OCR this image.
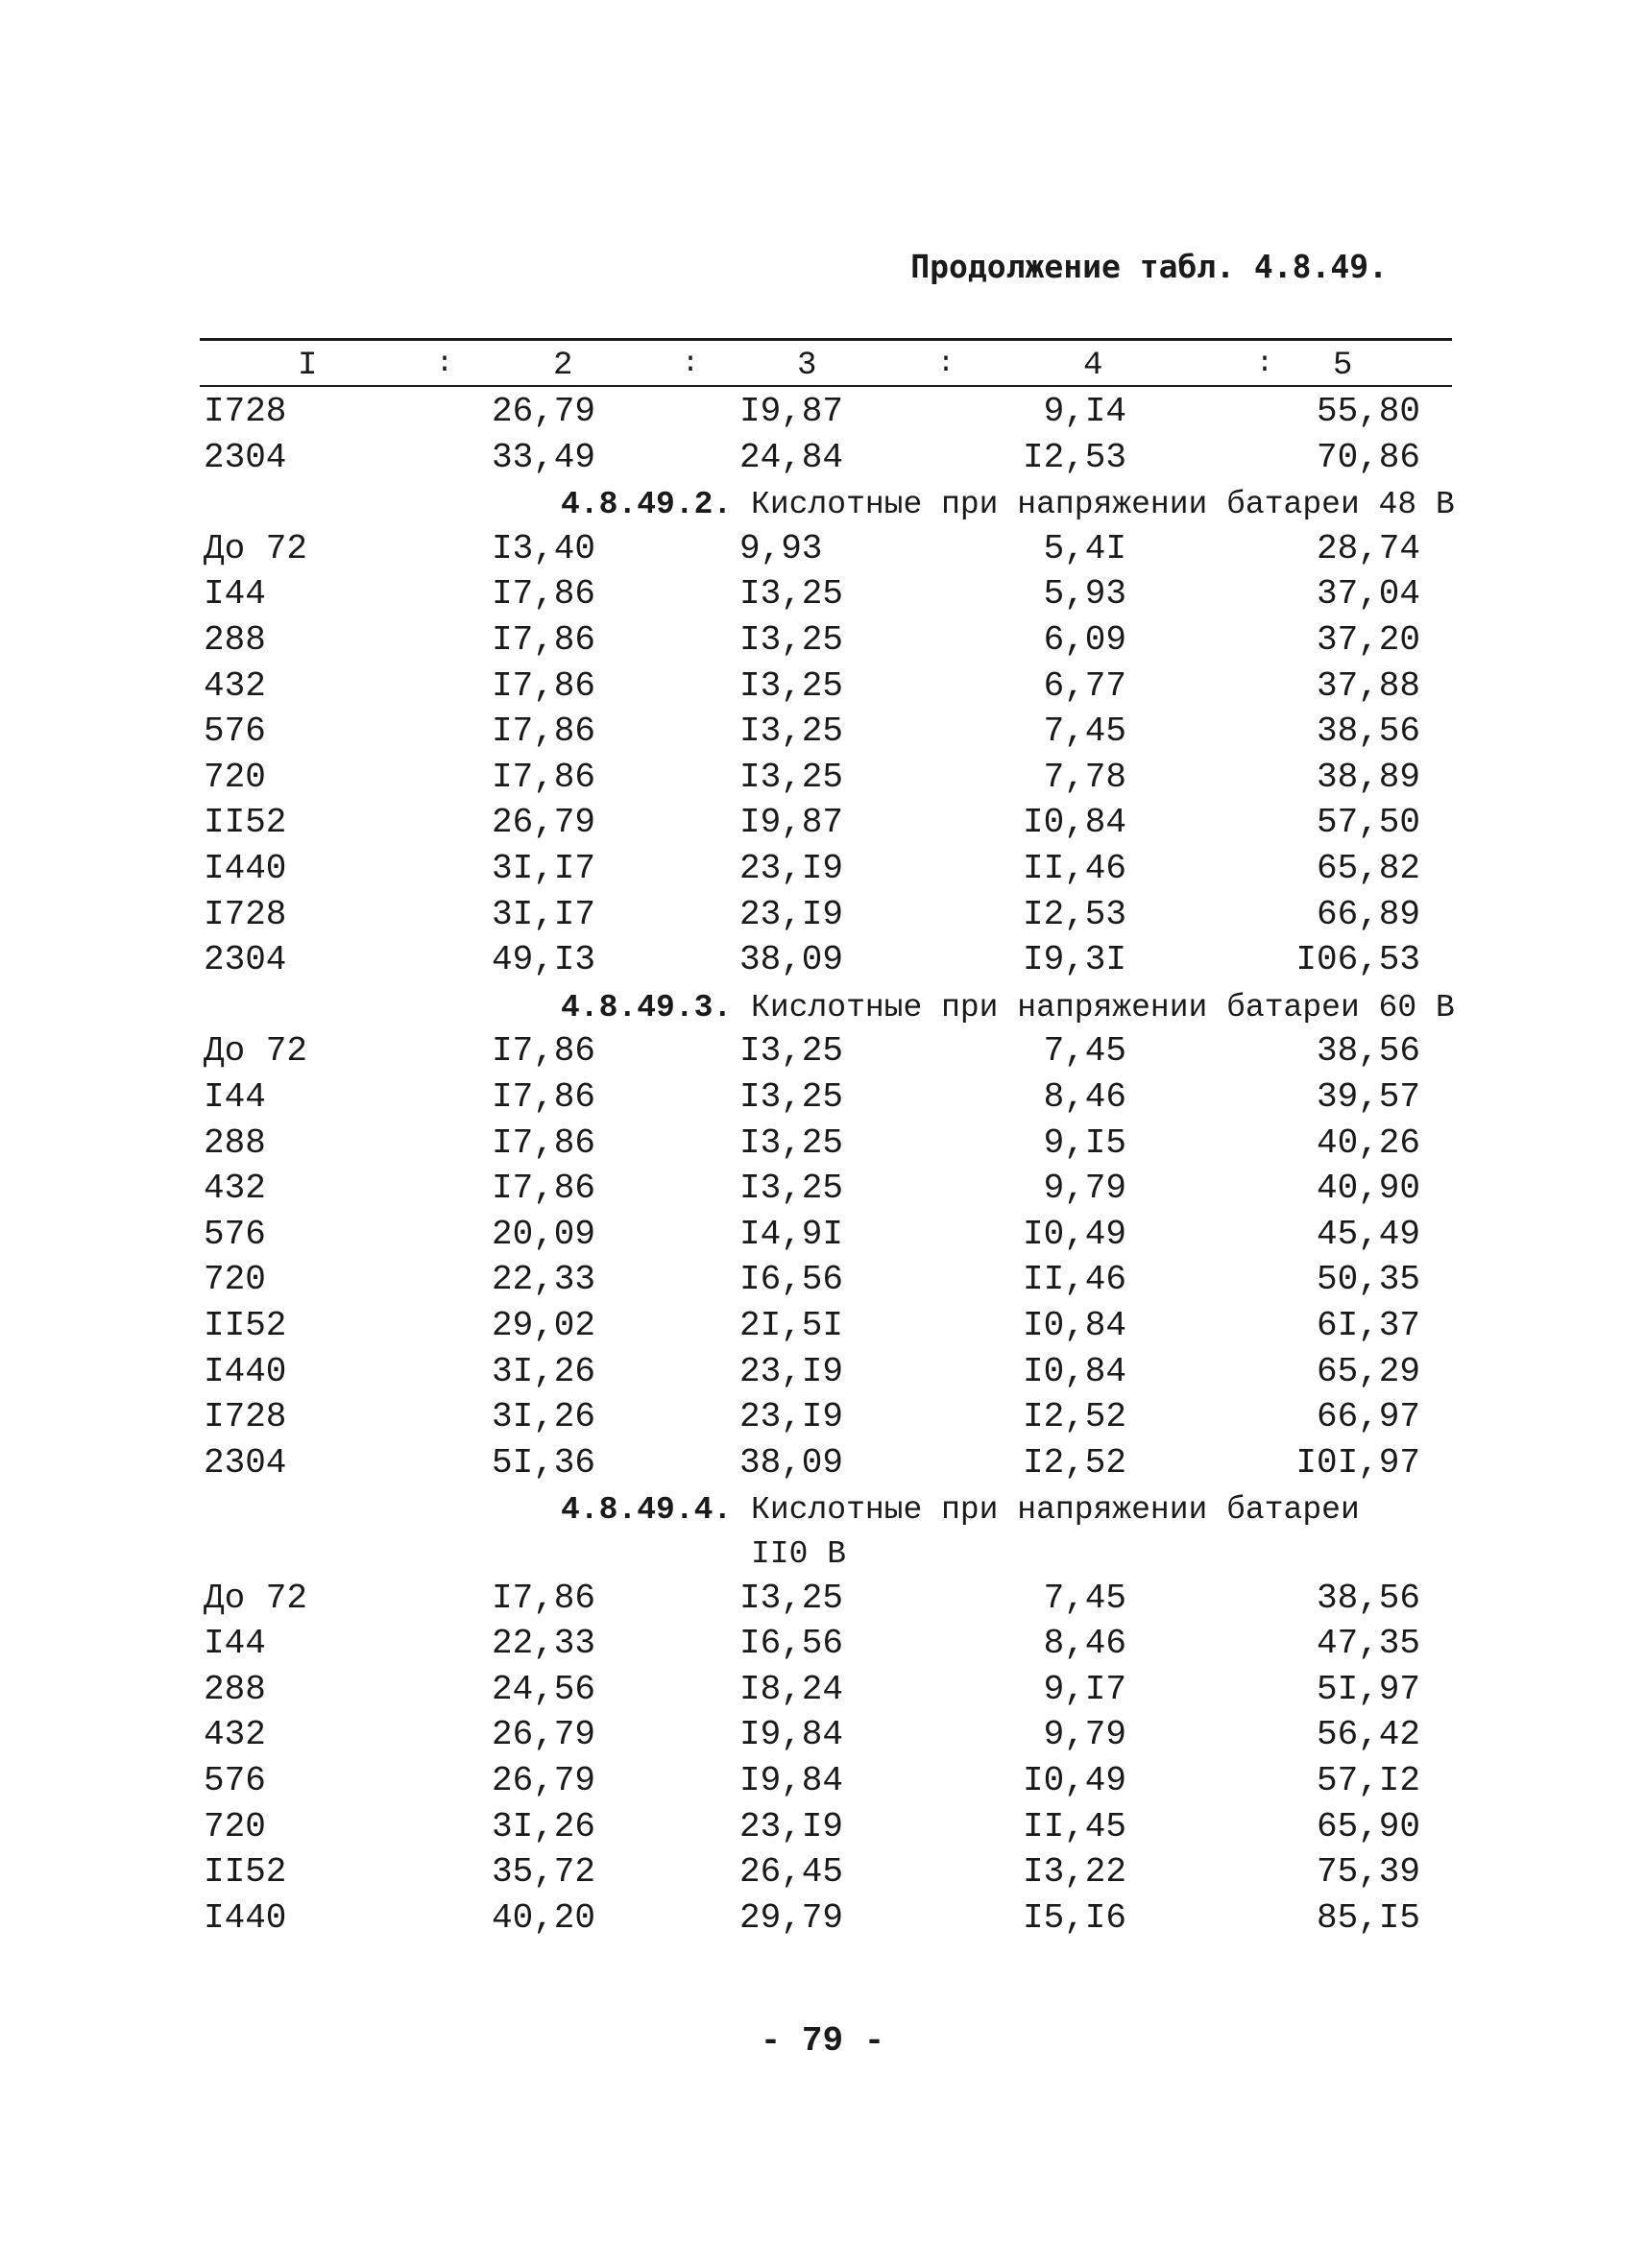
Продолжение табл. 4.8.49.
I	:	2	:	3	:	4	: 5
I728	26,79	I9,87	9,I4	55,80
2304	33,49	24,84	I2,53	70,86
4.8.49.2. Кислотные при напряжении батареи 48 В
До 72	I3,40	9,93	5,4I	28,74
I44	I7,86	I3,25	5,93	37,04
288	I7,86	I3,25	6,09	37,20
432	I7,86	I3,25	6,77	37,88
576	I7,86	I3,25	7,45	38,56
720	I7,86	I3,25	7,78	38,89
II52	26,79	I9,87	I0,84	57,50
I440	3I,I7	23,I9	II,46	65,82
I728	3I,I7	23,I9	I2,53	66,89
2304	49,I3	38,09	I9,3I	I06,53
4.8.49.3. Кислотные при напряжении батареи 60 В
До 72	I7,86	I3,25	7,45	38,56
I44	I7,86	I3,25	8,46	39,57
288	I7,86	I3,25	9,I5	40,26
432	I7,86	I3,25	9,79	40,90
576	20,09	I4,9I	I0,49	45,49
720	22,33	I6,56	II,46	50,35
II52	29,02	2I,5I	I0,84	6I,37
I440	3I,26	23,I9	I0,84	65,29
I728	3I,26	23,I9	I2,52	66,97
2304	5I,36	38,09	I2,52	I0I,97
4.8.49.4. Кислотные при напряжении батареи
II0 В
До 72	I7,86	I3,25	7,45	38,56
I44	22,33	I6,56	8,46	47,35
288	24,56	I8,24	9,I7	5I,97
432	26,79	I9,84	9,79	56,42
576	26,79	I9,84	I0,49	57,I2
720	3I,26	23,I9	II,45	65,90
II52	35,72	26,45	I3,22	75,39
I440	40,20	29,79	I5,I6	85,I5
- 79 -
